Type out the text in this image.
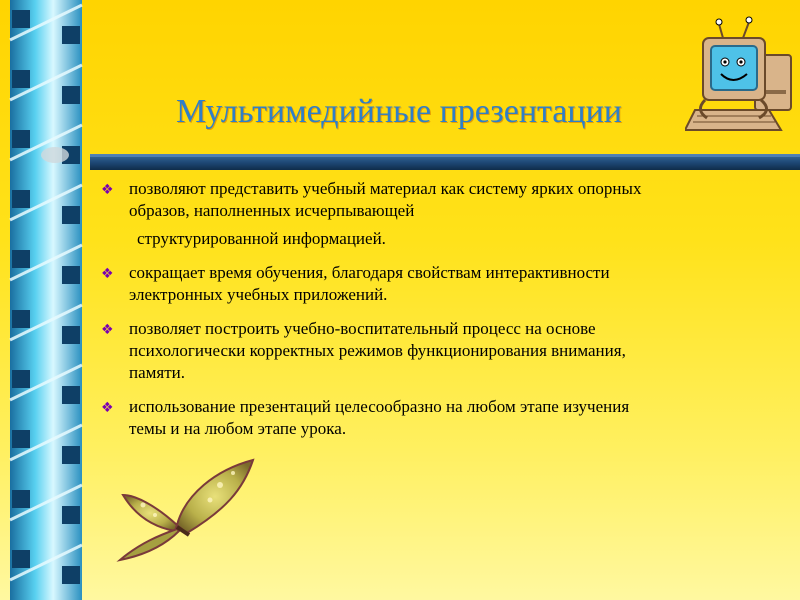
Мультимедийные презентации
❖ позволяют представить учебный материал как систему ярких опорных
образов, наполненных исчерпывающей
структурированной информацией.
❖ сокращает время обучения, благодаря свойствам интерактивности
электронных учебных приложений.
❖ позволяет построить учебно-воспитательный процесс на основе
психологически корректных режимов функционирования внимания,
памяти.
❖ использование презентаций целесообразно на любом этапе изучения
темы и на любом этапе урока.
